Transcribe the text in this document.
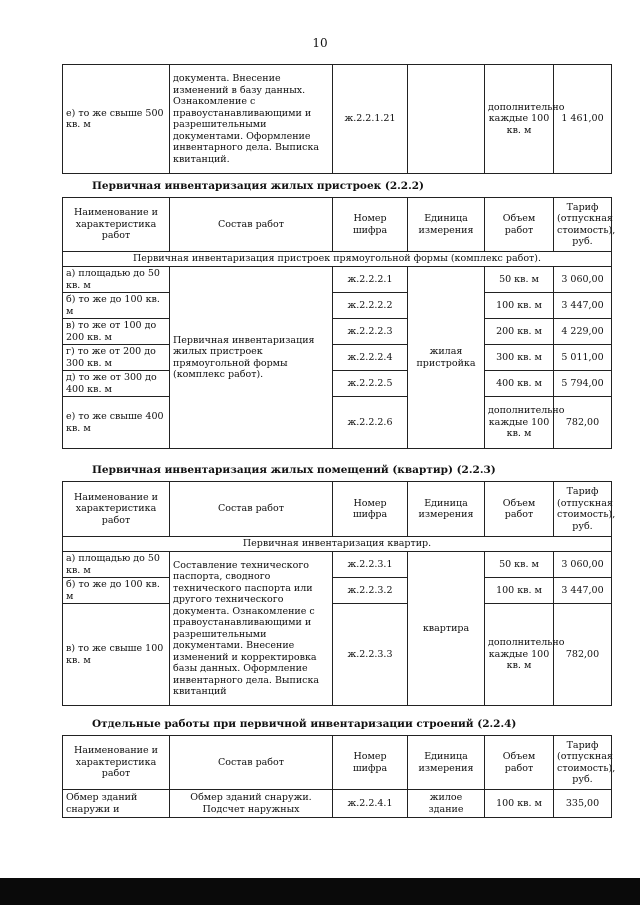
10
е) то же свыше 500 кв. м	документа. Внесение изменений в базу данных. Ознакомление с правоустанавливающими и разрешительными документами. Оформление инвентарного дела. Выписка квитанций.	ж.2.2.1.21		дополнительно каждые 100 кв. м	1 461,00
Первичная инвентаризация жилых пристроек (2.2.2)
Наименование и характеристика работ	Состав работ	Номер шифра	Единица измерения	Объем работ	Тариф (отпускная стоимость), руб.
Первичная инвентаризация пристроек прямоугольной формы (комплекс работ).					
а) площадью до 50 кв. м	Первичная инвентаризация жилых пристроек прямоугольной формы (комплекс работ).	ж.2.2.2.1	жилая пристройка	50 кв. м	3 060,00
б) то же до 100 кв. м		ж.2.2.2.2		100 кв. м	3 447,00
в) то же от 100 до 200 кв. м		ж.2.2.2.3		200 кв. м	4 229,00
г) то же от 200 до 300 кв. м		ж.2.2.2.4		300 кв. м	5 011,00
д) то же от 300 до 400 кв. м		ж.2.2.2.5		400 кв. м	5 794,00
е) то же свыше 400 кв. м		ж.2.2.2.6		дополнительно каждые 100 кв. м	782,00
Первичная инвентаризация жилых помещений (квартир) (2.2.3)
Наименование и характеристика работ	Состав работ	Номер шифра	Единица измерения	Объем работ	Тариф (отпускная стоимость), руб.
Первичная инвентаризация квартир.					
а) площадью до 50 кв. м	Составление технического паспорта, сводного технического паспорта или другого технического документа. Ознакомление с правоустанавливающими и разрешительными документами. Внесение изменений и корректировка базы данных. Оформление инвентарного дела. Выписка квитанций	ж.2.2.3.1	квартира	50 кв. м	3 060,00
б) то же до 100 кв. м		ж.2.2.3.2		100 кв. м	3 447,00
в) то же свыше 100 кв. м		ж.2.2.3.3		дополнительно каждые 100 кв. м	782,00
Отдельные работы при первичной инвентаризации строений (2.2.4)
Наименование и характеристика работ	Состав работ	Номер шифра	Единица измерения	Объем работ	Тариф (отпускная стоимость), руб.
Обмер зданий снаружи и	Обмер зданий снаружи. Подсчет наружных	ж.2.2.4.1	жилое здание	100 кв. м	335,00
